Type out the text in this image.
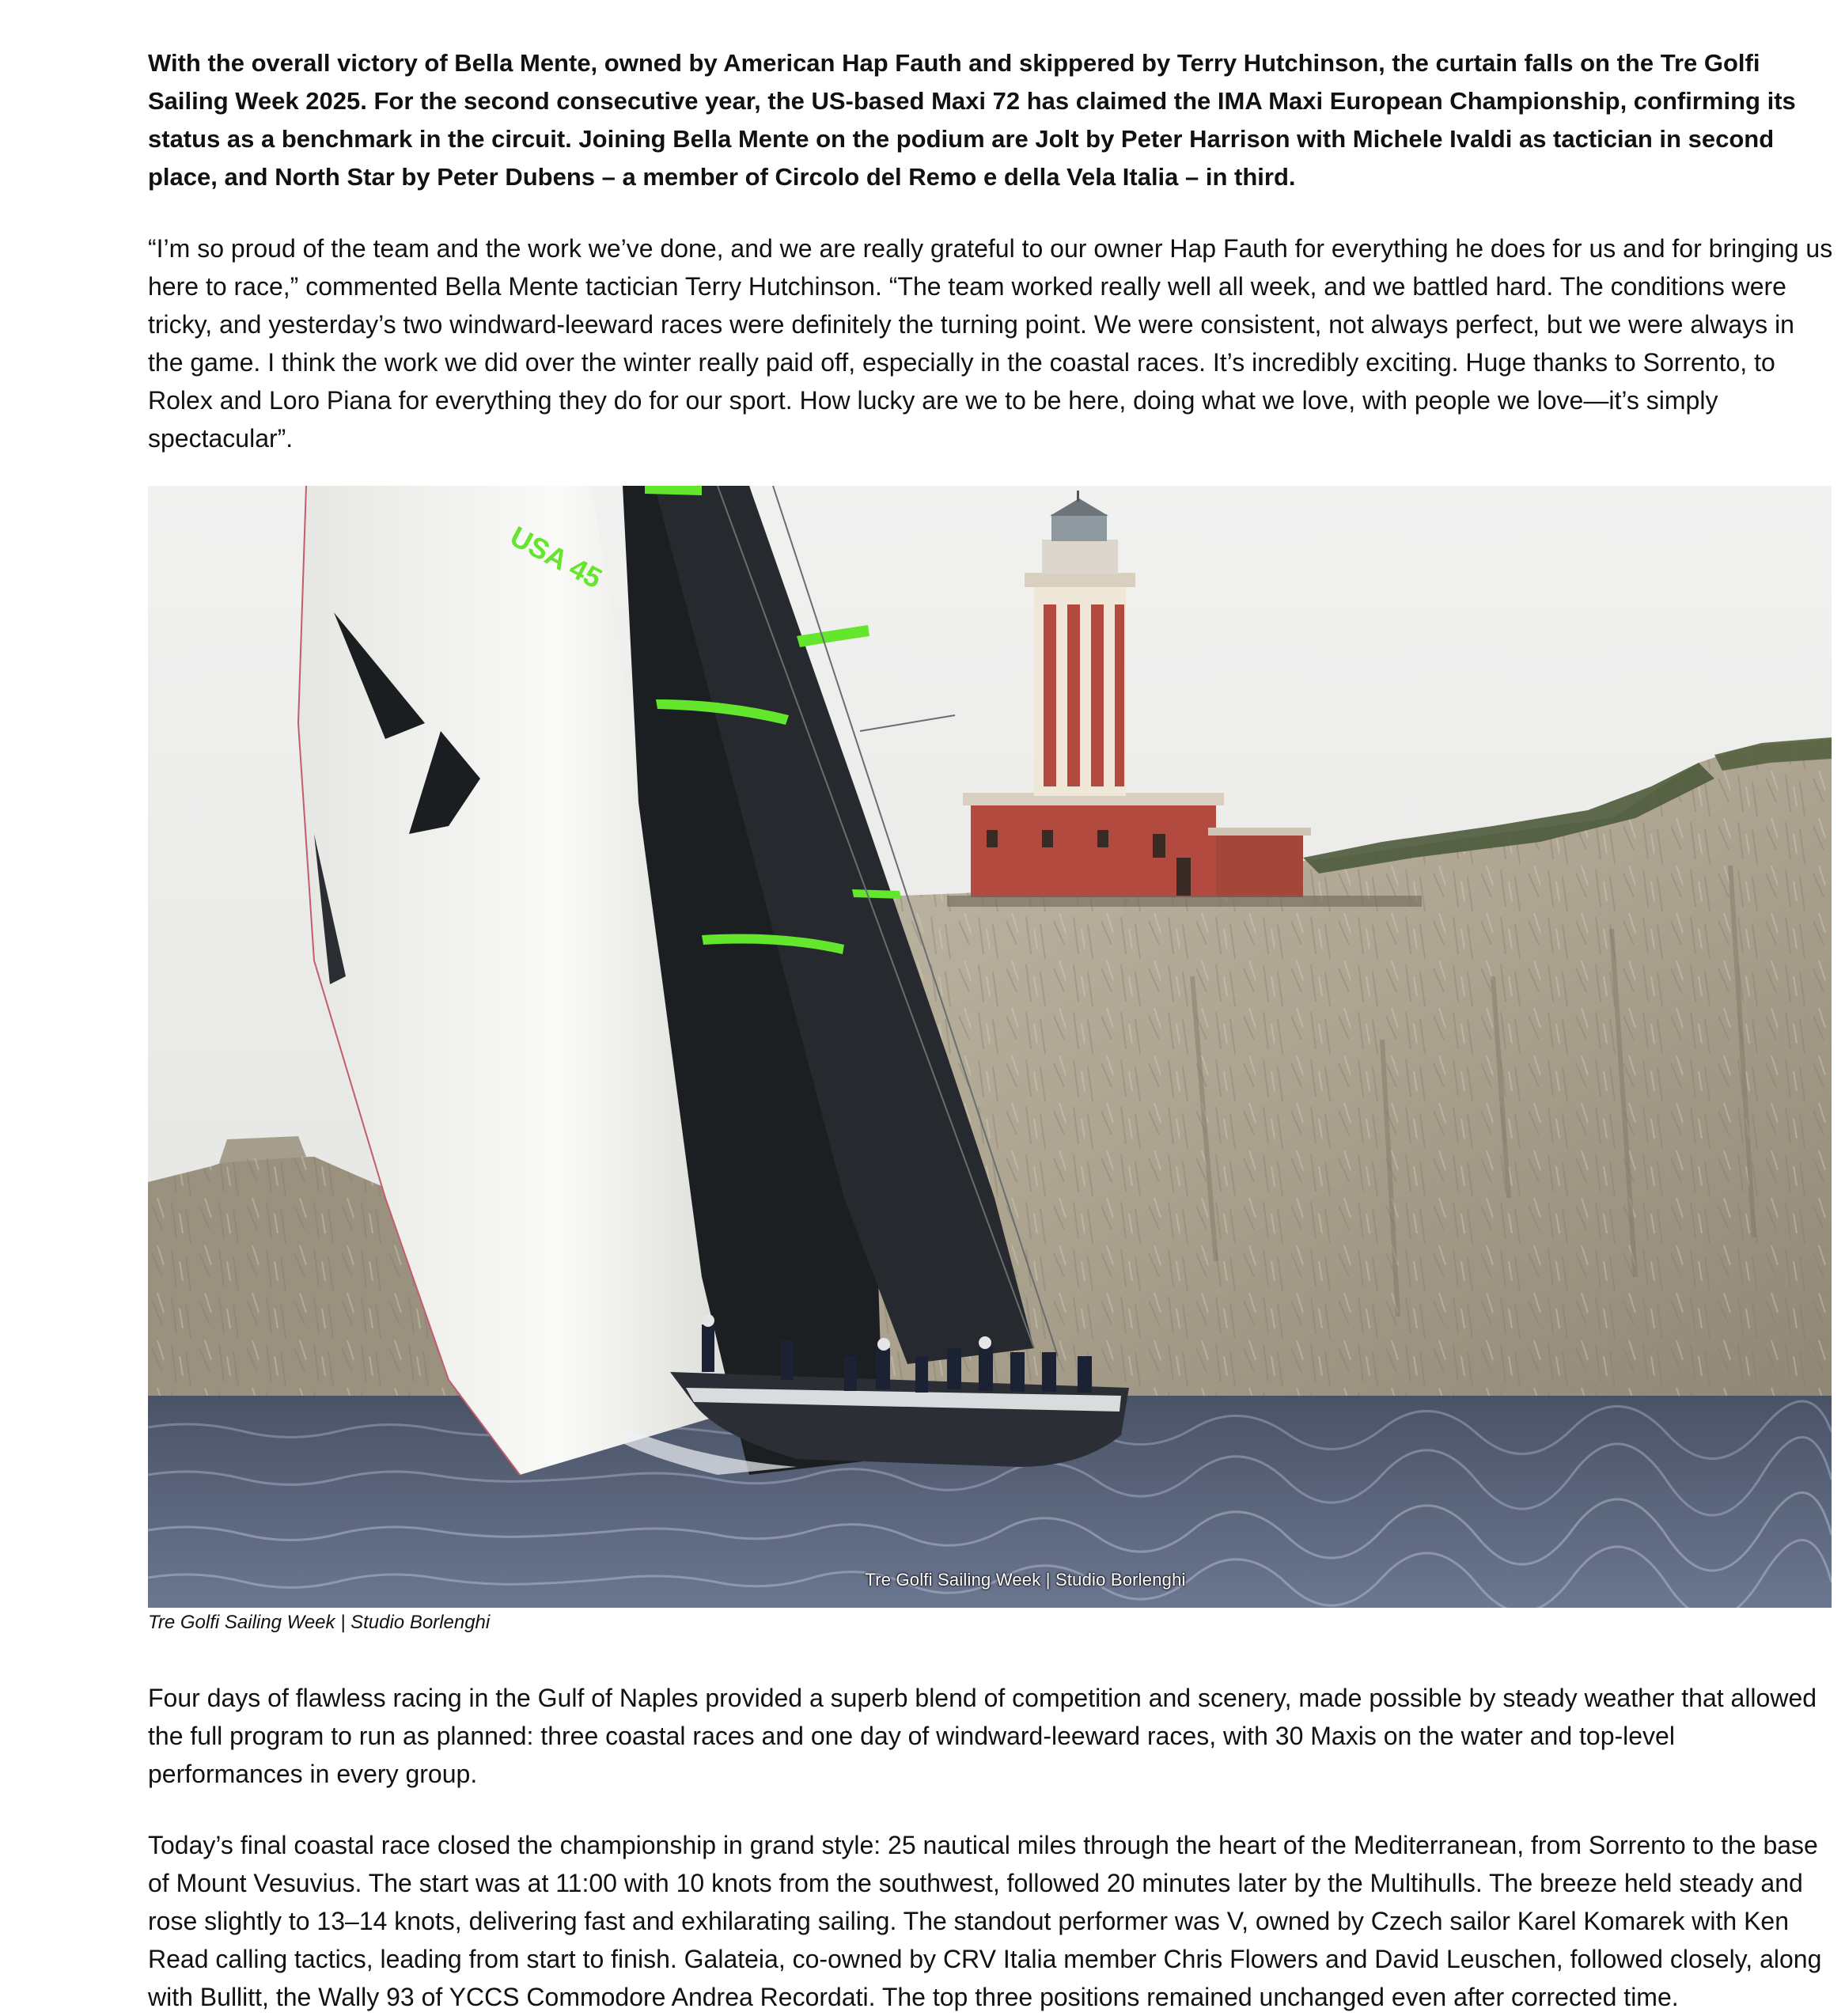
With the overall victory of Bella Mente, owned by American Hap Fauth and skippered by Terry Hutchinson, the curtain falls on the Tre Golfi Sailing Week 2025. For the second consecutive year, the US-based Maxi 72 has claimed the IMA Maxi European Championship, confirming its status as a benchmark in the circuit. Joining Bella Mente on the podium are Jolt by Peter Harrison with Michele Ivaldi as tactician in second place, and North Star by Peter Dubens – a member of Circolo del Remo e della Vela Italia – in third.

“I’m so proud of the team and the work we’ve done, and we are really grateful to our owner Hap Fauth for everything he does for us and for bringing us here to race,” commented Bella Mente tactician Terry Hutchinson. “The team worked really well all week, and we battled hard. The conditions were tricky, and yesterday’s two windward-leeward races were definitely the turning point. We were consistent, not always perfect, but we were always in the game. I think the work we did over the winter really paid off, especially in the coastal races. It’s incredibly exciting. Huge thanks to Sorrento, to Rolex and Loro Piana for everything they do for our sport. How lucky are we to be here, doing what we love, with people we love—it’s simply spectacular”.

USA 45
Tre Golfi Sailing Week | Studio Borlenghi
Tre Golfi Sailing Week | Studio Borlenghi

Four days of flawless racing in the Gulf of Naples provided a superb blend of competition and scenery, made possible by steady weather that allowed the full program to run as planned: three coastal races and one day of windward-leeward races, with 30 Maxis on the water and top-level performances in every group.

Today’s final coastal race closed the championship in grand style: 25 nautical miles through the heart of the Mediterranean, from Sorrento to the base of Mount Vesuvius. The start was at 11:00 with 10 knots from the southwest, followed 20 minutes later by the Multihulls. The breeze held steady and rose slightly to 13–14 knots, delivering fast and exhilarating sailing. The standout performer was V, owned by Czech sailor Karel Komarek with Ken Read calling tactics, leading from start to finish. Galateia, co-owned by CRV Italia member Chris Flowers and David Leuschen, followed closely, along with Bullitt, the Wally 93 of YCCS Commodore Andrea Recordati. The top three positions remained unchanged even after corrected time.
